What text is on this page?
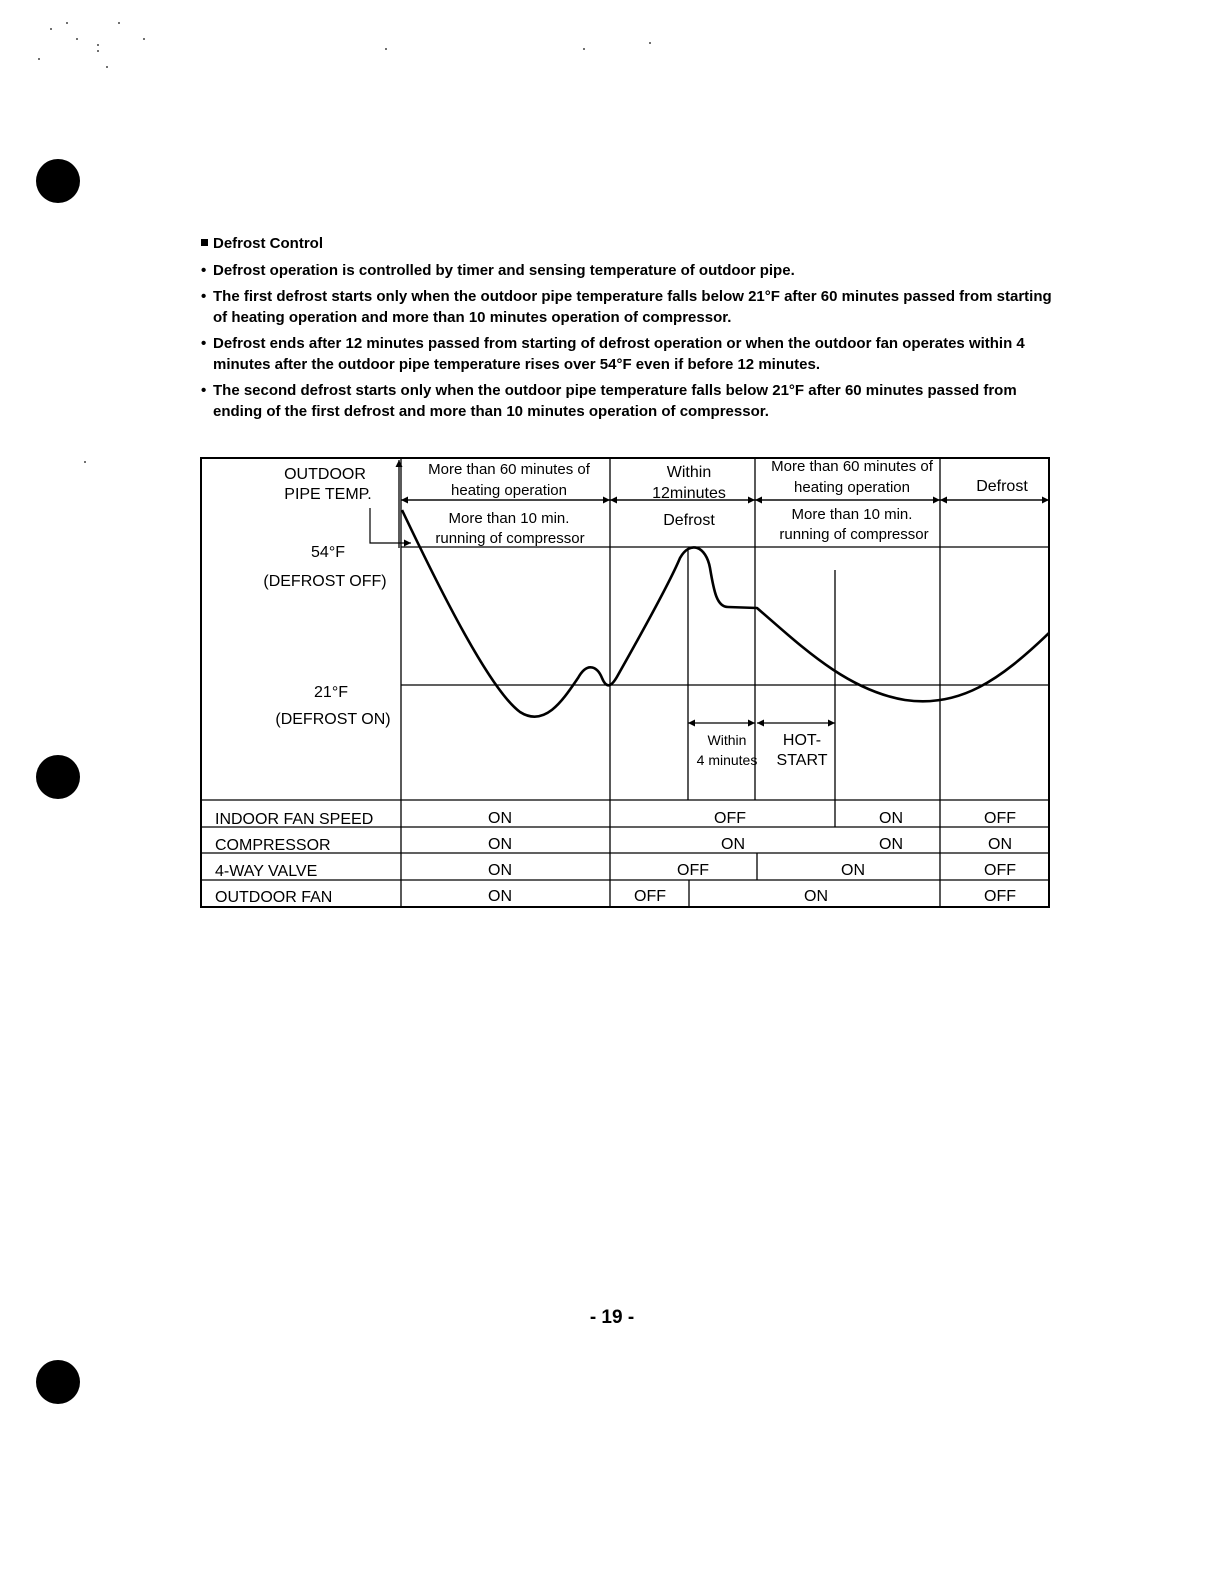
Defrost Control
• Defrost operation is controlled by timer and sensing temperature of outdoor pipe.
• The first defrost starts only when the outdoor pipe temperature falls below 21°F after 60 minutes passed from starting of heating operation and more than 10 minutes operation of compressor.
• Defrost ends after 12 minutes passed from starting of defrost operation or when the outdoor fan operates within 4 minutes after the outdoor pipe temperature rises over 54°F even if before 12 minutes.
• The second defrost starts only when the outdoor pipe temperature falls below 21°F after 60 minutes passed from ending of the first defrost and more than 10 minutes operation of compressor.
OUTDOOR
PIPE TEMP.
54°F
(DEFROST OFF)
21°F
(DEFROST ON)
More than 60 minutes of
heating operation
More than 10 min.
running of compressor
Within
12minutes
Defrost
More than 60 minutes of
heating operation
More than 10 min.
running of compressor
Defrost
Within
4 minutes
HOT-
START
INDOOR FAN SPEED	ON	OFF	ON	OFF
COMPRESSOR	ON	ON	ON	ON
4-WAY VALVE	ON	OFF	ON	OFF
OUTDOOR FAN	ON	OFF	ON	OFF
- 19 -
